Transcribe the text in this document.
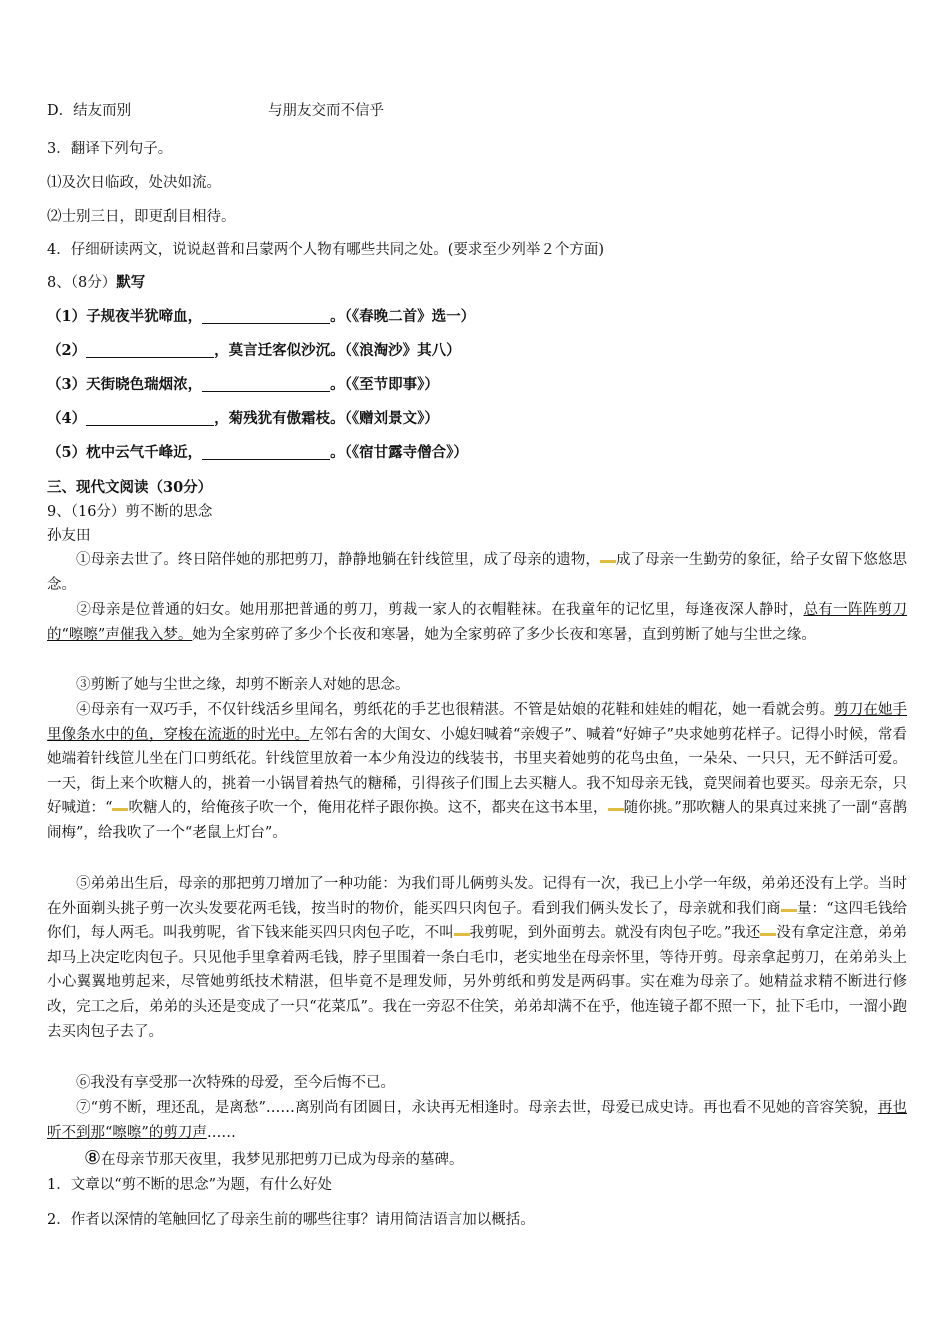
D．结友而别	与朋友交而不信乎
3．翻译下列句子。
⑴及次日临政，处决如流。
⑵士别三日，即更刮目相待。
4．仔细研读两文，说说赵普和吕蒙两个人物有哪些共同之处。(要求至少列举２个方面)
8、（8分）默写
（1）子规夜半犹啼血，	。（《春晚二首》选一）
（2）	，莫言迁客似沙沉。（《浪淘沙》其八）
（3）天街晓色瑞烟浓，	。（《至节即事》）
（4）	，菊残犹有傲霜枝。（《赠刘景文》）
（5）枕中云气千峰近，	。（《宿甘露寺僧合》）
三、现代文阅读（30分）
9、（16分）剪不断的思念
孙友田
①母亲去世了。终日陪伴她的那把剪刀，静静地躺在针线笸里，成了母亲的遗物， 成了母亲一生勤劳的象征，给子女留下悠悠思念。
②母亲是位普通的妇女。她用那把普通的剪刀，剪裁一家人的衣帽鞋袜。在我童年的记忆里，每逢夜深人静时，总有一阵阵剪刀的“嚓嚓”声催我入梦。她为全家剪碎了多少个长夜和寒暑，她为全家剪碎了多少长夜和寒暑，直到剪断了她与尘世之缘。
③剪断了她与尘世之缘，却剪不断亲人对她的思念。
④母亲有一双巧手，不仅针线活乡里闻名，剪纸花的手艺也很精湛。不管是姑娘的花鞋和娃娃的帽花，她一看就会剪。剪刀在她手里像条水中的鱼，穿梭在流逝的时光中。左邻右舍的大闺女、小媳妇喊着“亲嫂子”、喊着“好婶子”央求她剪花样子。记得小时候，常看她端着针线笸儿坐在门口剪纸花。针线笸里放着一本少角没边的线装书，书里夹着她剪的花鸟虫鱼，一朵朵、一只只，无不鲜活可爱。一天，街上来个吹糖人的，挑着一小锅冒着热气的糖稀，引得孩子们围上去买糖人。我不知母亲无钱，竟哭闹着也要买。母亲无奈，只好喊道：“ 吹糖人的，给俺孩子吹一个，俺用花样子跟你换。这不，都夹在这书本里， 随你挑。”那吹糖人的果真过来挑了一副“喜鹊闹梅”，给我吹了一个“老鼠上灯台”。
⑤弟弟出生后，母亲的那把剪刀增加了一种功能：为我们哥儿俩剪头发。记得有一次，我已上小学一年级，弟弟还没有上学。当时在外面剃头挑子剪一次头发要花两毛钱，按当时的物价，能买四只肉包子。看到我们俩头发长了，母亲就和我们商 量：“这四毛钱给你们，每人两毛。叫我剪呢，省下钱来能买四只肉包子吃，不叫 我剪呢，到外面剪去。就没有肉包子吃。”我还 没有拿定注意，弟弟却马上决定吃肉包子。只见他手里拿着两毛钱，脖子里围着一条白毛巾，老实地坐在母亲怀里，等待开剪。母亲拿起剪刀，在弟弟头上小心翼翼地剪起来，尽管她剪纸技术精湛，但毕竟不是理发师，另外剪纸和剪发是两码事。实在难为母亲了。她精益求精不断进行修改，完工之后，弟弟的头还是变成了一只“花菜瓜”。我在一旁忍不住笑，弟弟却满不在乎，他连镜子都不照一下，扯下毛巾，一溜小跑去买肉包子去了。
⑥我没有享受那一次特殊的母爱，至今后悔不已。
⑦“剪不断，理还乱，是离愁”……离别尚有团圆日，永诀再无相逢时。母亲去世，母爱已成史诗。再也看不见她的音容笑貌，再也听不到那“嚓嚓”的剪刀声……
⑧在母亲节那天夜里，我梦见那把剪刀已成为母亲的墓碑。
1．文章以“剪不断的思念”为题，有什么好处
2．作者以深情的笔触回忆了母亲生前的哪些往事？请用简洁语言加以概括。
